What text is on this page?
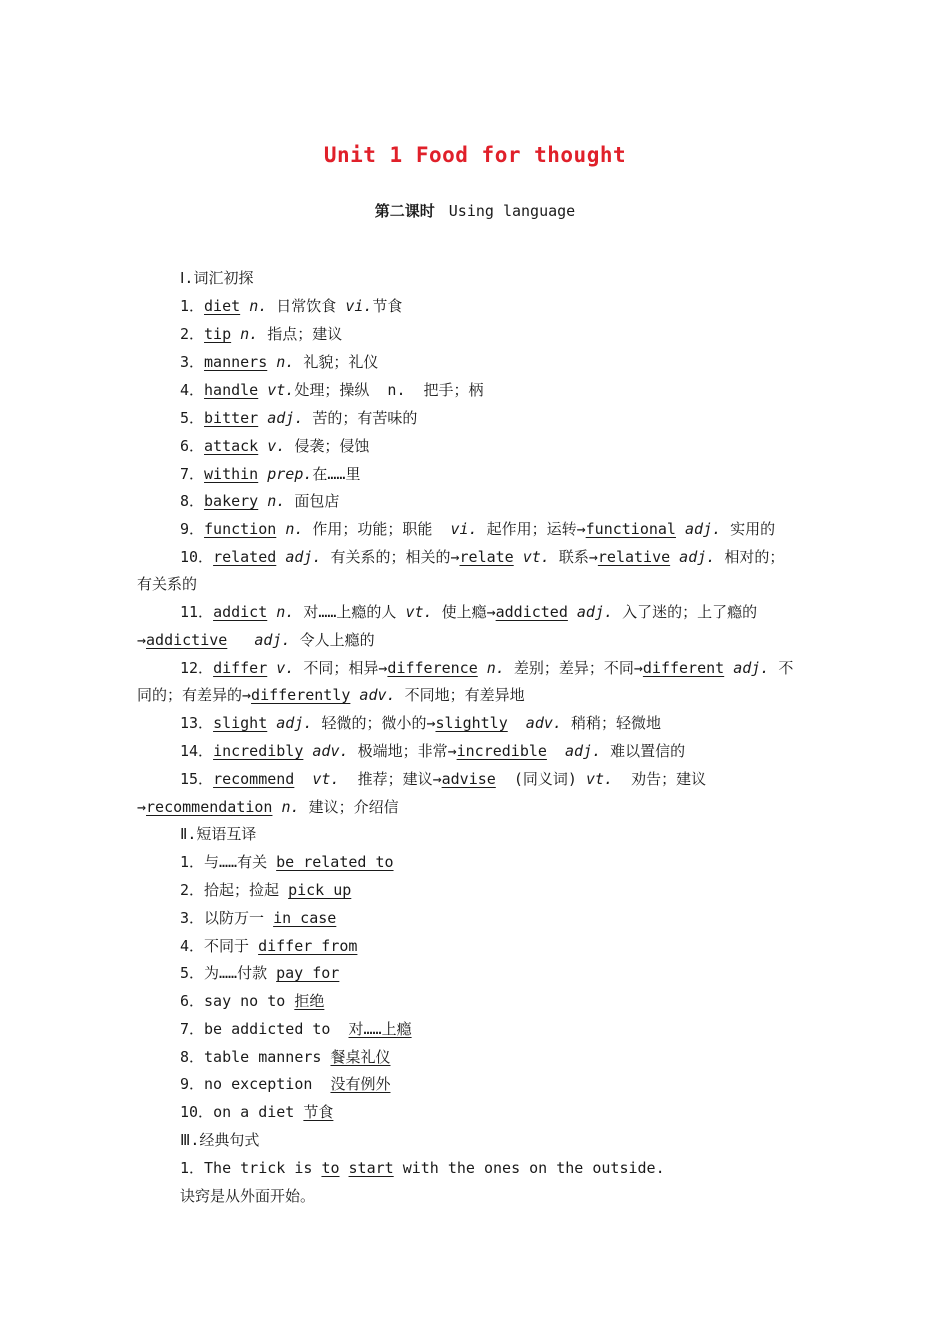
Unit 1 Food for thought
第二课时 Using language
Ⅰ.词汇初探
1．diet n. 日常饮食 vi.节食
2．tip n. 指点；建议
3．manners n. 礼貌；礼仪
4．handle vt.处理；操纵 n. 把手；柄
5．bitter adj. 苦的；有苦味的
6．attack v. 侵袭；侵蚀
7．within prep.在……里
8．bakery n. 面包店
9．function n. 作用；功能；职能 vi. 起作用；运转→functional adj. 实用的
10．related adj. 有关系的；相关的→relate vt. 联系→relative adj. 相对的；
有关系的
11．addict n. 对……上瘾的人 vt. 使上瘾→addicted adj. 入了迷的；上了瘾的
→addictive adj. 令人上瘾的
12．differ v. 不同；相异→difference n. 差别；差异；不同→different adj. 不
同的；有差异的→differently adv. 不同地；有差异地
13．slight adj. 轻微的；微小的→slightly adv. 稍稍；轻微地
14．incredibly adv. 极端地；非常→incredible adj. 难以置信的
15．recommend vt. 推荐；建议→advise (同义词) vt. 劝告；建议
→recommendation n. 建议；介绍信
Ⅱ.短语互译
1．与……有关 be related to
2．拾起；捡起 pick up
3．以防万一 in case
4．不同于 differ from
5．为……付款 pay for
6．say no to 拒绝
7．be addicted to 对……上瘾
8．table manners 餐桌礼仪
9．no exception 没有例外
10．on a diet 节食
Ⅲ.经典句式
1．The trick is to start with the ones on the outside.
诀窍是从外面开始。
